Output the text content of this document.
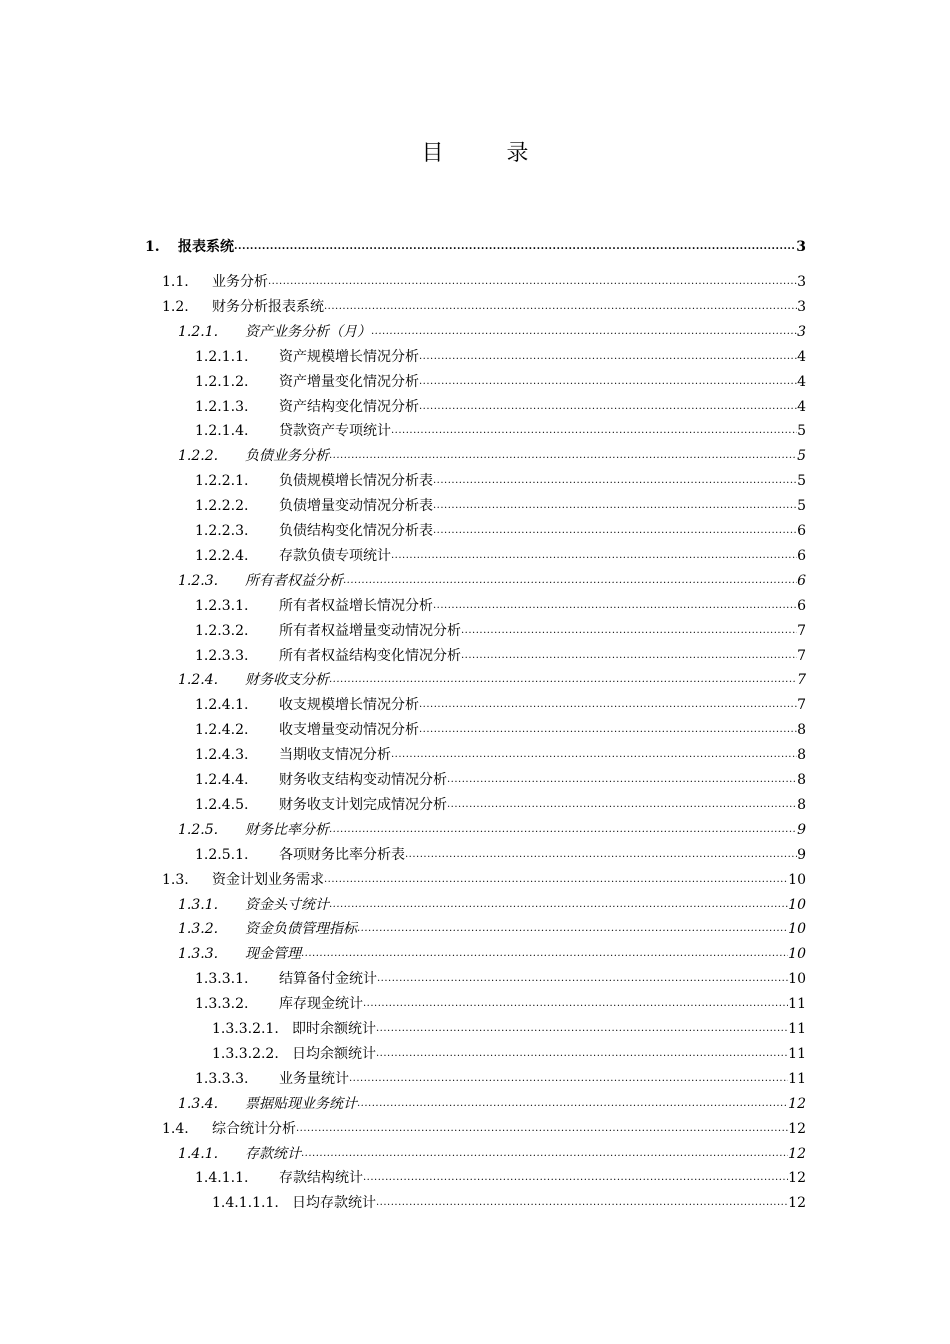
目 录
1.	报表系统 .....	3
1.1.	业务分析 .....	3
1.2.	财务分析报表系统 .....	3
1.2.1.	资产业务分析（月） .....	3
1.2.1.1.	资产规模增长情况分析 .....	4
1.2.1.2.	资产增量变化情况分析 .....	4
1.2.1.3.	资产结构变化情况分析 .....	4
1.2.1.4.	贷款资产专项统计 .....	5
1.2.2.	负债业务分析 .....	5
1.2.2.1.	负债规模增长情况分析表 .....	5
1.2.2.2.	负债增量变动情况分析表 .....	5
1.2.2.3.	负债结构变化情况分析表 .....	6
1.2.2.4.	存款负债专项统计 .....	6
1.2.3.	所有者权益分析 .....	6
1.2.3.1.	所有者权益增长情况分析 .....	6
1.2.3.2.	所有者权益增量变动情况分析 .....	7
1.2.3.3.	所有者权益结构变化情况分析 .....	7
1.2.4.	财务收支分析 .....	7
1.2.4.1.	收支规模增长情况分析 .....	7
1.2.4.2.	收支增量变动情况分析 .....	8
1.2.4.3.	当期收支情况分析 .....	8
1.2.4.4.	财务收支结构变动情况分析 .....	8
1.2.4.5.	财务收支计划完成情况分析 .....	8
1.2.5.	财务比率分析 .....	9
1.2.5.1.	各项财务比率分析表 .....	9
1.3.	资金计划业务需求 .....	10
1.3.1.	资金头寸统计 .....	10
1.3.2.	资金负债管理指标 .....	10
1.3.3.	现金管理 .....	10
1.3.3.1.	结算备付金统计 .....	10
1.3.3.2.	库存现金统计 .....	11
1.3.3.2.1. 即时余额统计 .....	11
1.3.3.2.2. 日均余额统计 .....	11
1.3.3.3.	业务量统计 .....	11
1.3.4.	票据贴现业务统计 .....	12
1.4.	综合统计分析 .....	12
1.4.1.	存款统计 .....	12
1.4.1.1.	存款结构统计 .....	12
1.4.1.1.1. 日均存款统计 .....	12
